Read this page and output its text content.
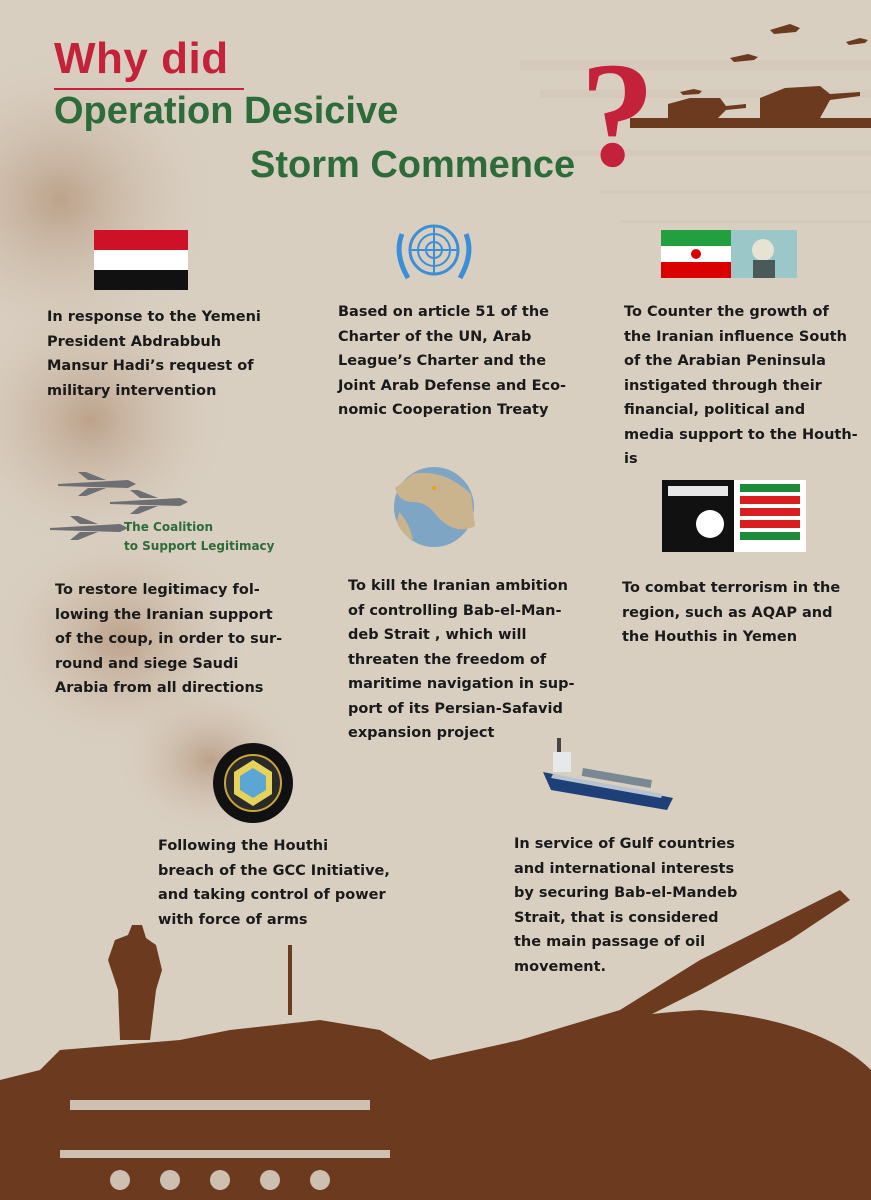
Why did
Operation Desicive
Storm Commence ?
The Coalition
to Support Legitimacy
In response to the Yemeni
President Abdrabbuh
Mansur Hadi’s request of
military intervention
Based on article 51 of the
Charter of the UN, Arab
League’s Charter and the
Joint Arab Defense and Eco-
nomic Cooperation Treaty
To Counter the growth of
the Iranian influence South
of the Arabian Peninsula
instigated through their
financial, political and
media support to the Houth-
is
To restore legitimacy fol-
lowing the Iranian support
of the coup, in order to sur-
round and siege Saudi
Arabia from all directions
To kill the Iranian ambition
of controlling Bab-el-Man-
deb Strait , which will
threaten the freedom of
maritime navigation in sup-
port of its Persian-Safavid
expansion project
To combat terrorism in the
region, such as AQAP and
the Houthis in Yemen
Following the Houthi
breach of the GCC Initiative,
and taking control of power
with force of arms
In service of Gulf countries
and international interests
by securing Bab-el-Mandeb
Strait, that is considered
the main passage of oil
movement.
